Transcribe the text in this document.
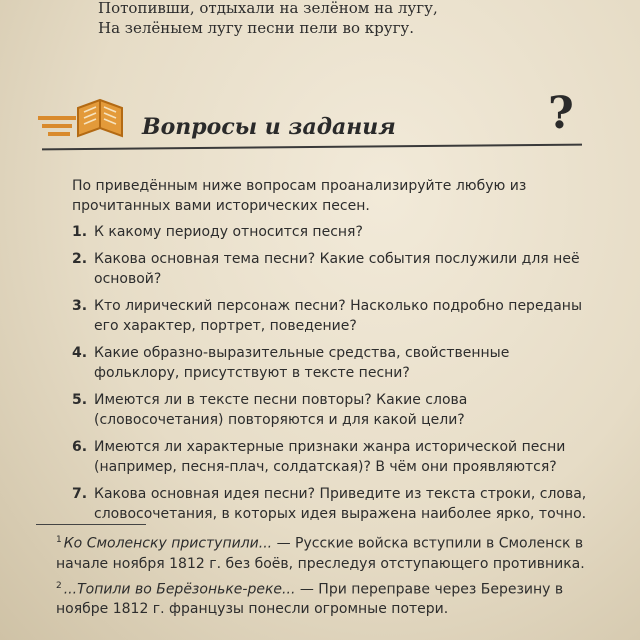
Потопивши, отдыхали на зелёном на лугу,
На зелёныем лугу песни пели во кругу.
Вопросы и задания	?

По приведённым ниже вопросам проанализируйте любую из прочитанных вами исторических песен.

1. К какому периоду относится песня?
2. Какова основная тема песни? Какие события послужили для неё основой?
3. Кто лирический персонаж песни? Насколько подробно переданы его характер, портрет, поведение?
4. Какие образно-выразительные средства, свойственные фольклору, присутствуют в тексте песни?
5. Имеются ли в тексте песни повторы? Какие слова (словосочетания) повторяются и для какой цели?
6. Имеются ли характерные признаки жанра исторической песни (например, песня-плач, солдатская)? В чём они проявляются?
7. Какова основная идея песни? Приведите из текста строки, слова, словосочетания, в которых идея выражена наиболее ярко, точно.

$^1$ Ко Смоленску приступили... — Русские войска вступили в Смоленск в начале ноября 1812 г. без боёв, преследуя отступающего противника.

$^2$ ...Топили во Берёзоньке-реке... — При переправе через Березину в ноябре 1812 г. французы понесли огромные потери.
